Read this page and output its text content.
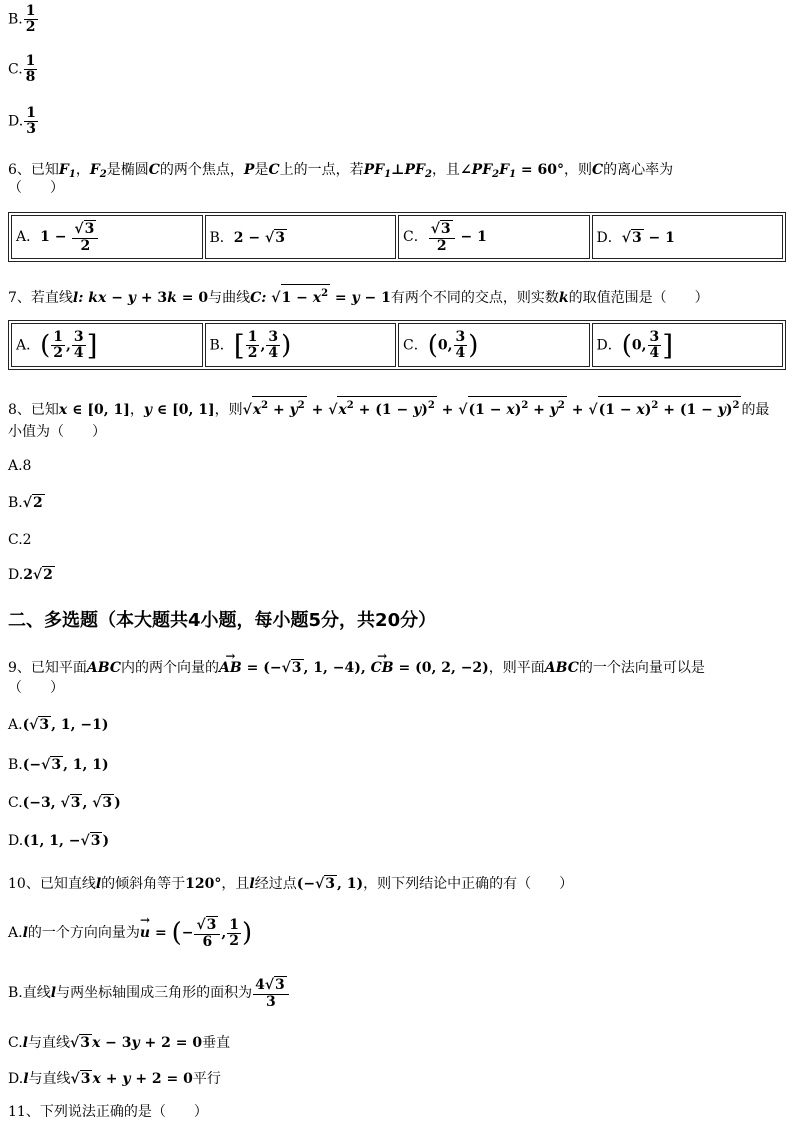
B. $\frac{1}{2}$
C. $\frac{1}{8}$
D. $\frac{1}{3}$
6、已知$F_1$，$F_2$是椭圆C的两个焦点，P是C上的一点，若$PF_1\perp PF_2$，且$\angle PF_2F_1 = 60^\circ$，则C的离心率为
（　　）
A．$1 - \frac{√3}{2}$	B．2 − √3	C． $\frac{√3}{2} - 1$	D．√3 − 1
7、若直线l: kx − y + 3k = 0与曲线C: $√1 - x^2 = y - 1$有两个不同的交点，则实数k的取值范围是（　　）
A．( $\frac{1}{2}$ , $\frac{3}{4}$ ]	B．[ $\frac{1}{2}$ , $\frac{3}{4}$ )	C．(0, $\frac{3}{4}$ )	D．(0, $\frac{3}{4}$ ]
8、已知x ∈ [0, 1]，y ∈ [0, 1]，则$√x^2 + y^2 + √x^2 + (1 - y)^2 + √(1 - x)^2 + y^2 + √(1 - x)^2 + (1 - y)^2$ 的最
小值为（　　）
A.8
B.√2
C.2
D.2√2
二、多选题（本大题共4小题，每小题5分，共20分）
9、已知平面ABC内的两个向量的→ AB = (−√3 , 1, −4), → CB = (0, 2, −2)，则平面ABC的一个法向量可以是
（　　）
A.(√3 , 1, −1)
B.(−√3 , 1, 1)
C.(−3, √3 , √3 )
D.(1, 1, −√3 )
10、已知直线l的倾斜角等于120°，且l经过点(−√3 , 1)，则下列结论中正确的有（　　）
A.l的一个方向向量为→ u = (− $\frac{√3}{6}$ , $\frac{1}{2}$ )
B.直线l与两坐标轴围成三角形的面积为 $\frac{4√3}{3}$
C.l与直线√3 x − 3y + 2 = 0垂直
D.l与直线√3 x + y + 2 = 0平行
11、下列说法正确的是（　　）
